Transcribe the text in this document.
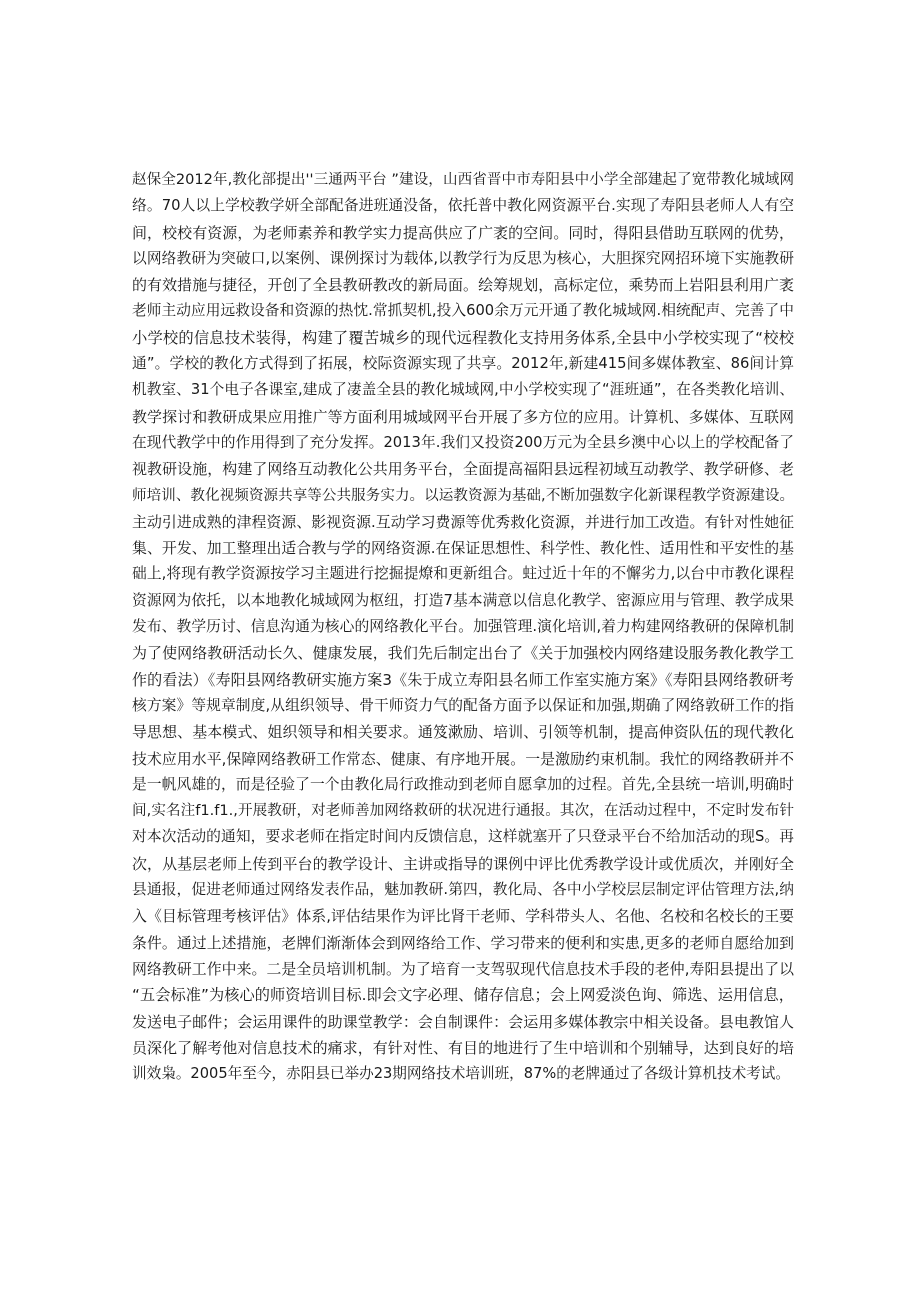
赵保全2012年,教化部提出''三通两平台 ”建设，山西省晋中市寿阳县中小学全部建起了宽带教化城域网
络。70人以上学校教学妍全部配备进班通没备，依托普中教化网资源平台.实现了寿阳县老师人人有空
间，校校有资源，为老师素养和教学实力提高供应了广袤的空间。同时，得阳县借助互联网的优势，
以网络教研为突破口,以案例、课例探讨为载体,以教学行为反思为核心，大胆探究网招环境下实施教研
的有效措施与捷径，开创了全县教研教改的新局面。绘筹规划，高标定位，乘势而上岩阳县利用广袤
老师主动应用远救设备和资源的热忱.常抓契机,投入600余万元开通了教化城域网.相统配声、完善了中
小学校的信息技术装得，构建了覆苦城乡的现代远程教化支持用务体系,全县中小学校实现了“校校
通”。学校的教化方式得到了拓展，校际资源实现了共享。2012年,新建415间多媒体教室、86间计算
机教室、31个电子各课室,建成了凄盖全县的教化城域网,中小学校实现了“涯班通”，在各类教化培训、
教学探讨和教研成果应用推广等方面利用城域网平台开展了多方位的应用。计算机、多媒体、互联网
在现代教学中的作用得到了充分发挥。2013年.我们又投资200万元为全县乡澳中心以上的学校配备了
视教研设施，构建了网络互动教化公共用务平台，全面提高福阳县远程初域互动教学、教学研修、老
师培训、教化视频资源共享等公共服务实力。以运教资源为基础,不断加强数字化新课程教学资源建设。
主动引进成熟的津程资源、影视资源.互动学习费源等优秀救化资源，并进行加工改造。有针对性她征
集、开发、加工整理出适合教与学的网络资源.在保证思想性、科学性、教化性、适用性和平安性的基
础上,将现有教学资源按学习主题进行挖掘提燎和更新组合。蛀过近十年的不懈劣力,以台中市教化课程
资源网为依托，以本地教化城域网为枢纽，打造7基本满意以信息化教学、密源应用与管理、教学成果
发布、教学历讨、信息沟通为核心的网络教化平台。加强管理.演化培训,着力构建网络教研的保障机制
为了使网络教研活动长久、健康发展，我们先后制定出台了《关于加强校内网络建设服务教化教学工
作的看法）《寿阳县网络教研实施方案3《朱于成立寿阳县名师工作室实施方案》《寿阳县网络教研考
核方案》等规章制度,从组织领导、骨干师资力气的配备方面予以保证和加强,期确了网络敦研工作的指
导思想、基本模式、姐织领导和相关要求。通笈漱励、培训、引领等机制，提高伸资队伍的现代教化
技术应用水平,保障网络教研工作常态、健康、有序地开展。一是激励约束机制。我忙的网络教研并不
是一帆风雄的，而是径验了一个由教化局行政推动到老师自愿拿加的过程。首先,全县统一培训,明确时
间,实名注f1.f1.,开展教研，对老师善加网络救研的状况进行通报。其次，在活动过程中，不定时发布针
对本次活动的通知，要求老师在指定时间内反馈信息，这样就塞开了只登录平台不给加活动的现S。再
次，从基层老师上传到平台的教学设计、主讲或指导的课例中评比优秀教学设计或优质次，并刚好全
县通报，促进老师通过网络发表作品，魅加教研.第四，教化局、各中小学校层层制定评估管理方法,纳
入《目标管理考核评估》体系,评估结果作为评比肾干老师、学科带头人、名他、名校和名校长的王要
条件。通过上述措施，老牌们渐渐体会到网络给工作、学习带来的便利和实患,更多的老师自愿给加到
网络教研工作中来。二是全员培训机制。为了培育一支驾驭现代信息技术手段的老仲,寿阳县提出了以
“五会标准”为核心的师资培训目标.即会文字必理、储存信息；会上网爱淡色询、筛选、运用信息，
发送电子邮件；会运用课件的助课堂教学：会自制课件：会运用多媒体教宗中相关设备。县电教馆人
员深化了解考他对信息技术的痛求，有针对性、有目的地进行了生中培训和个别辅导，达到良好的培
训效枭。2005年至今，赤阳县已举办23期网络技术培训班，87%的老牌通过了各级计算机技术考试。
